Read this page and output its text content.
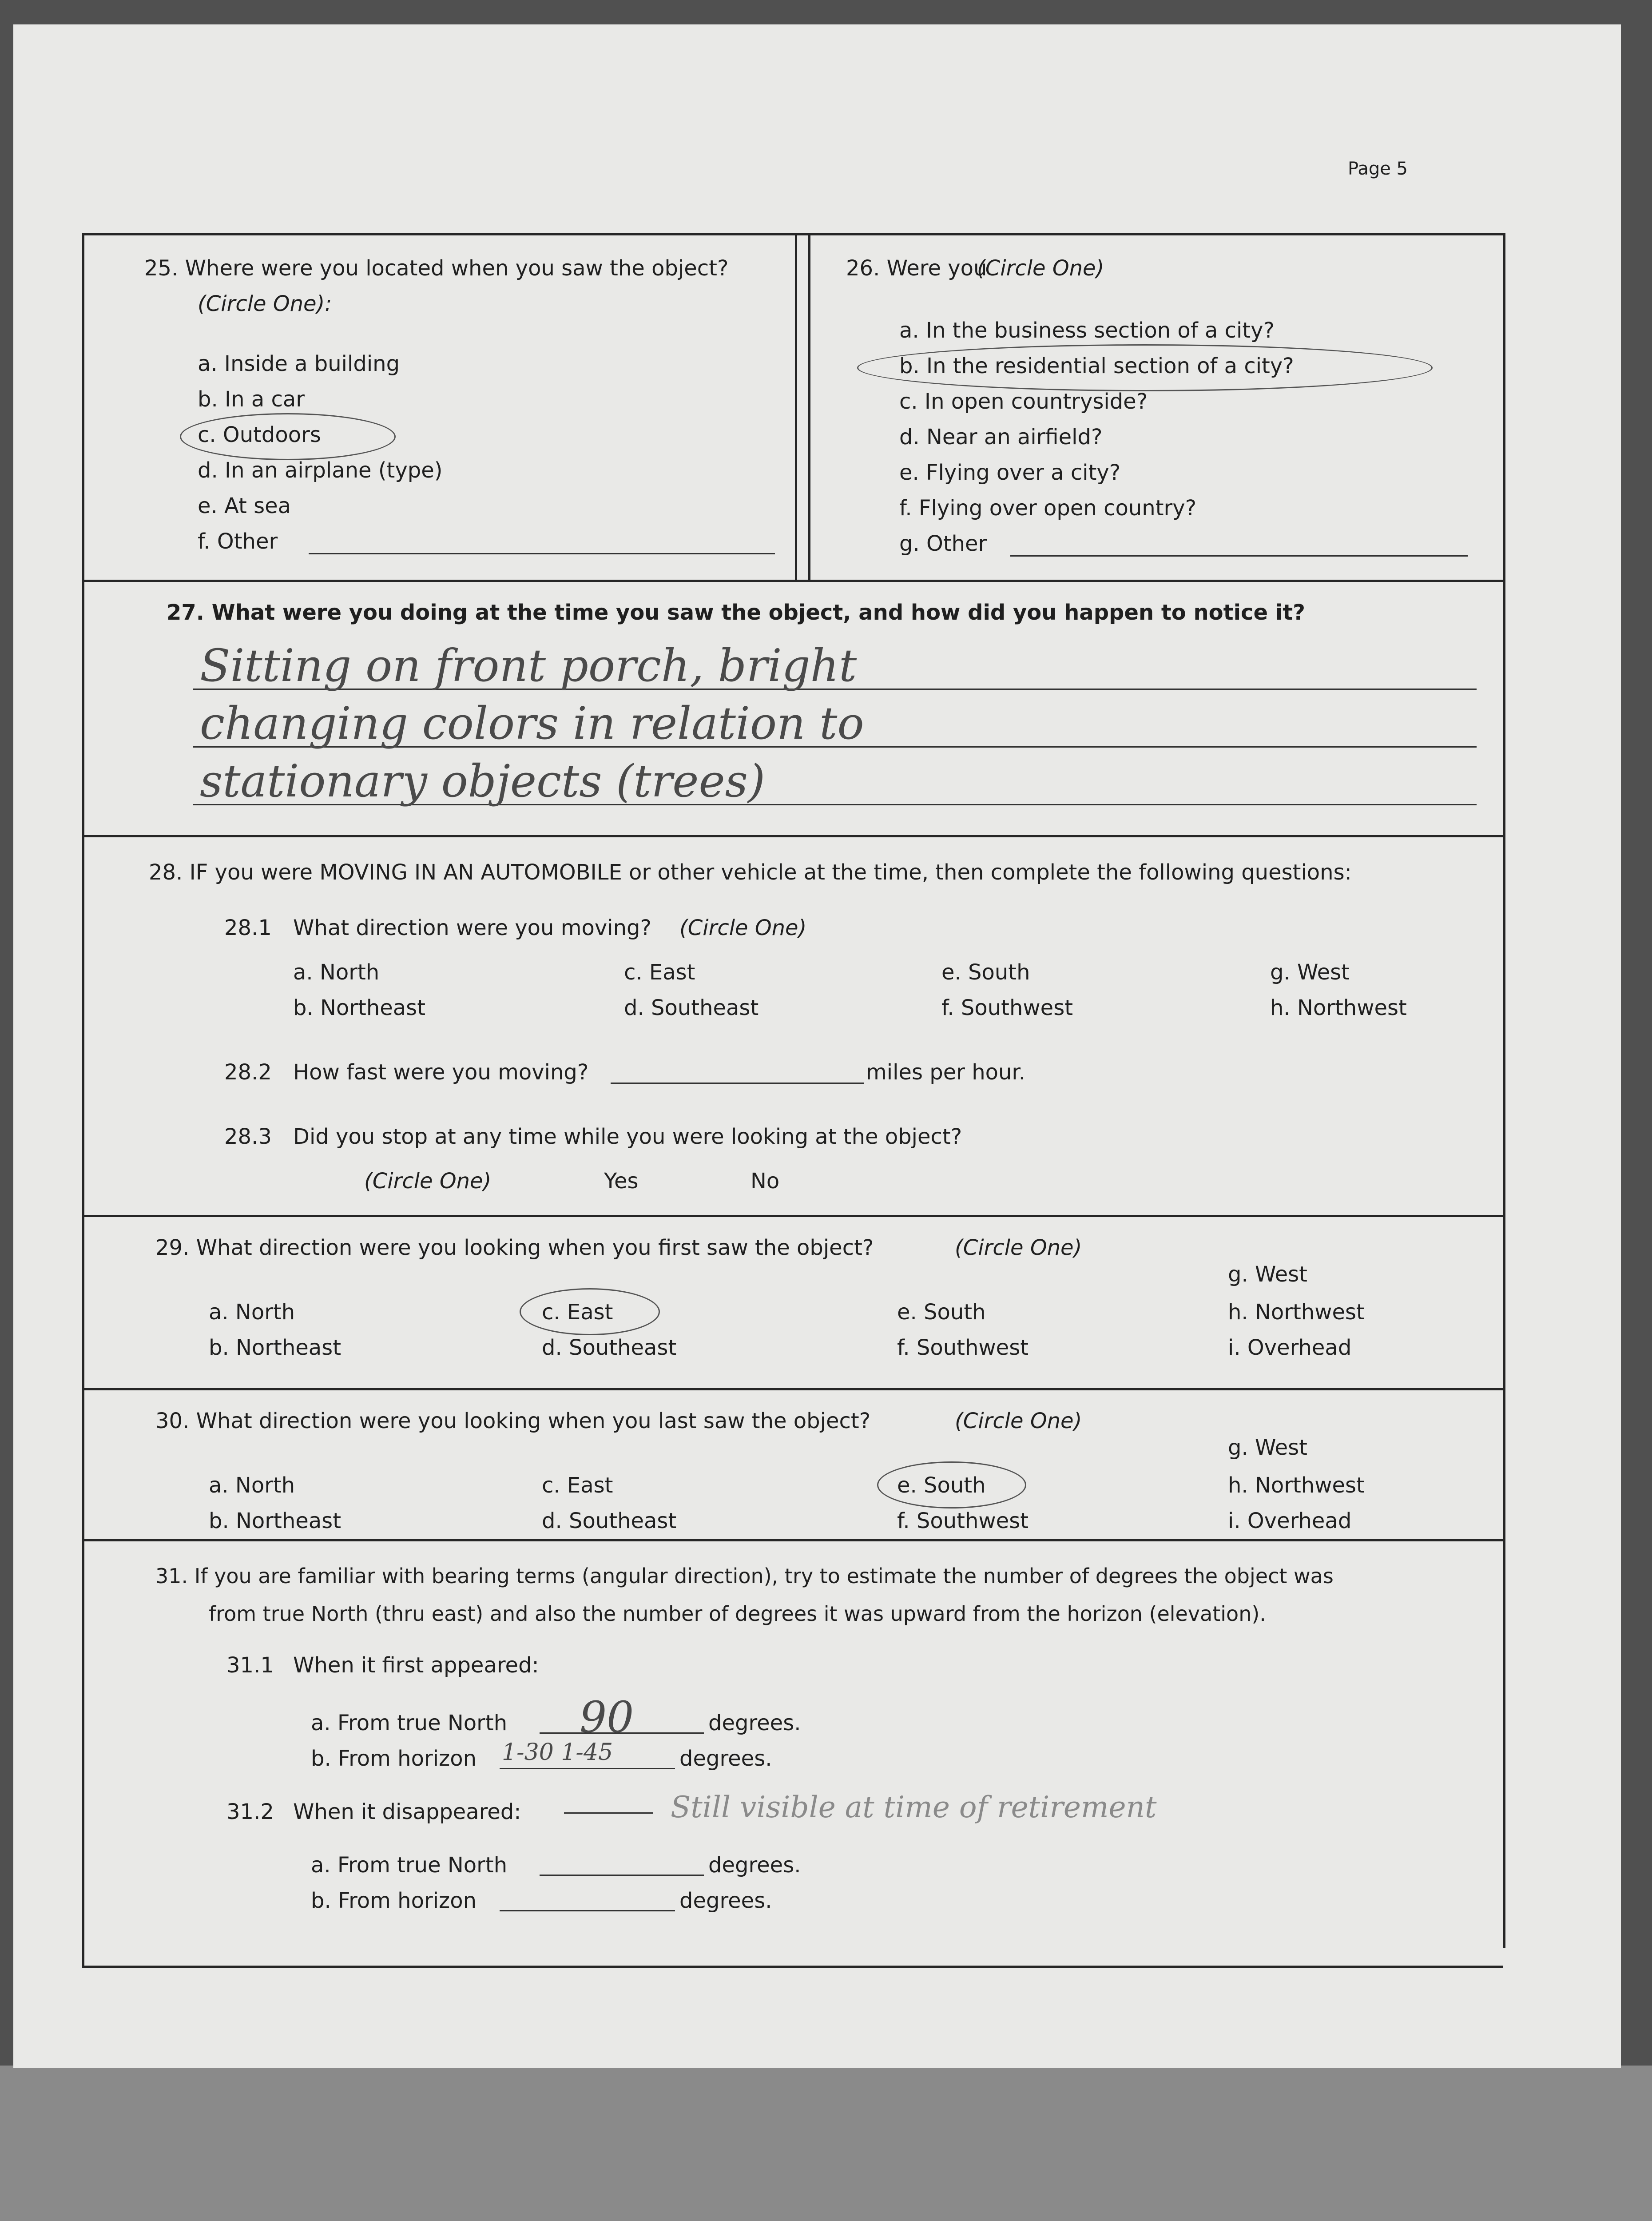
Page 5
25. Where were you located when you saw the object?
(Circle One):
a. Inside a building
b. In a car
c. Outdoors
d. In an airplane (type)
e. At sea
f. Other
26. Were you
(Circle One)
a. In the business section of a city?
b. In the residential section of a city?
c. In open countryside?
d. Near an airfield?
e. Flying over a city?
f. Flying over open country?
g. Other
27. What were you doing at the time you saw the object, and how did you happen to notice it?
Sitting on front porch, bright
changing colors in relation to
stationary objects (trees)
28. IF you were MOVING IN AN AUTOMOBILE or other vehicle at the time, then complete the following questions:
28.1 What direction were you moving? (Circle One)
a. North	c. East	e. South	g. West
b. Northeast	d. Southeast	f. Southwest	h. Northwest
28.2 How fast were you moving?	miles per hour.
28.3 Did you stop at any time while you were looking at the object?
(Circle One)	Yes	No
29. What direction were you looking when you first saw the object?	(Circle One)
g. West
a. North	c. East	e. South	h. Northwest
b. Northeast	d. Southeast	f. Southwest	i. Overhead
30. What direction were you looking when you last saw the object?	(Circle One)
g. West
a. North	c. East	e. South	h. Northwest
b. Northeast	d. Southeast	f. Southwest	i. Overhead
31. If you are familiar with bearing terms (angular direction), try to estimate the number of degrees the object was
from true North (thru east) and also the number of degrees it was upward from the horizon (elevation).
31.1 When it first appeared:
a. From true North 90	degrees.
b. From horizon 1-30 1-45	degrees.
31.2 When it disappeared:	Still visible at time of retirement
a. From true North	degrees.
b. From horizon	degrees.
